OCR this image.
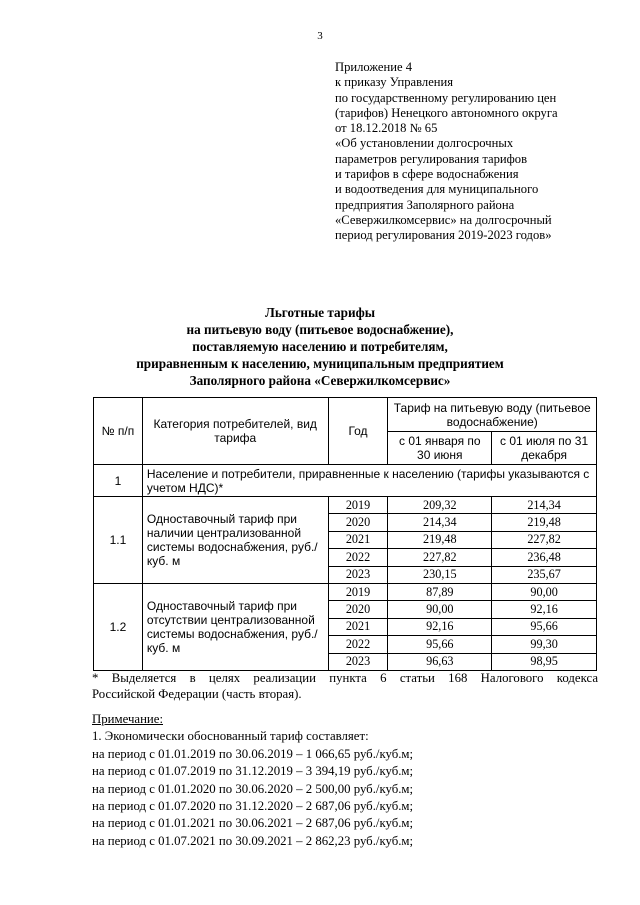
3
Приложение 4
к приказу Управления
по государственному регулированию цен
(тарифов) Ненецкого автономного округа
от 18.12.2018 № 65
«Об установлении долгосрочных
параметров регулирования тарифов
и тарифов в сфере водоснабжения
и водоотведения для муниципального
предприятия Заполярного района
«Севержилкомсервис» на долгосрочный
период регулирования 2019-2023 годов»
Льготные тарифы
на питьевую воду (питьевое водоснабжение),
поставляемую населению и потребителям,
приравненным к населению, муниципальным предприятием
Заполярного района «Севержилкомсервис»
№ п/п	Категория потребителей, вид тарифа	Год	Тариф на питьевую воду (питьевое водоснабжение)	
			с 01 января по 30 июня	с 01 июля по 31 декабря
1	Население и потребители, приравненные к населению (тарифы указываются с учетом НДС)*			
1.1	Одноставочный тариф при наличии централизованной системы водоснабжения, руб./куб. м	2019	209,32	214,34
		2020	214,34	219,48
		2021	219,48	227,82
		2022	227,82	236,48
		2023	230,15	235,67
1.2	Одноставочный тариф при отсутствии централизованной системы водоснабжения, руб./куб. м	2019	87,89	90,00
		2020	90,00	92,16
		2021	92,16	95,66
		2022	95,66	99,30
		2023	96,63	98,95
* Выделяется в целях реализации пункта 6 статьи 168 Налогового кодекса
Российской Федерации (часть вторая).
Примечание:
1. Экономически обоснованный тариф составляет:
на период с 01.01.2019 по 30.06.2019 – 1 066,65 руб./куб.м;
на период с 01.07.2019 по 31.12.2019 – 3 394,19 руб./куб.м;
на период с 01.01.2020 по 30.06.2020 – 2 500,00 руб./куб.м;
на период с 01.07.2020 по 31.12.2020 – 2 687,06 руб./куб.м;
на период с 01.01.2021 по 30.06.2021 – 2 687,06 руб./куб.м;
на период с 01.07.2021 по 30.09.2021 – 2 862,23 руб./куб.м;
